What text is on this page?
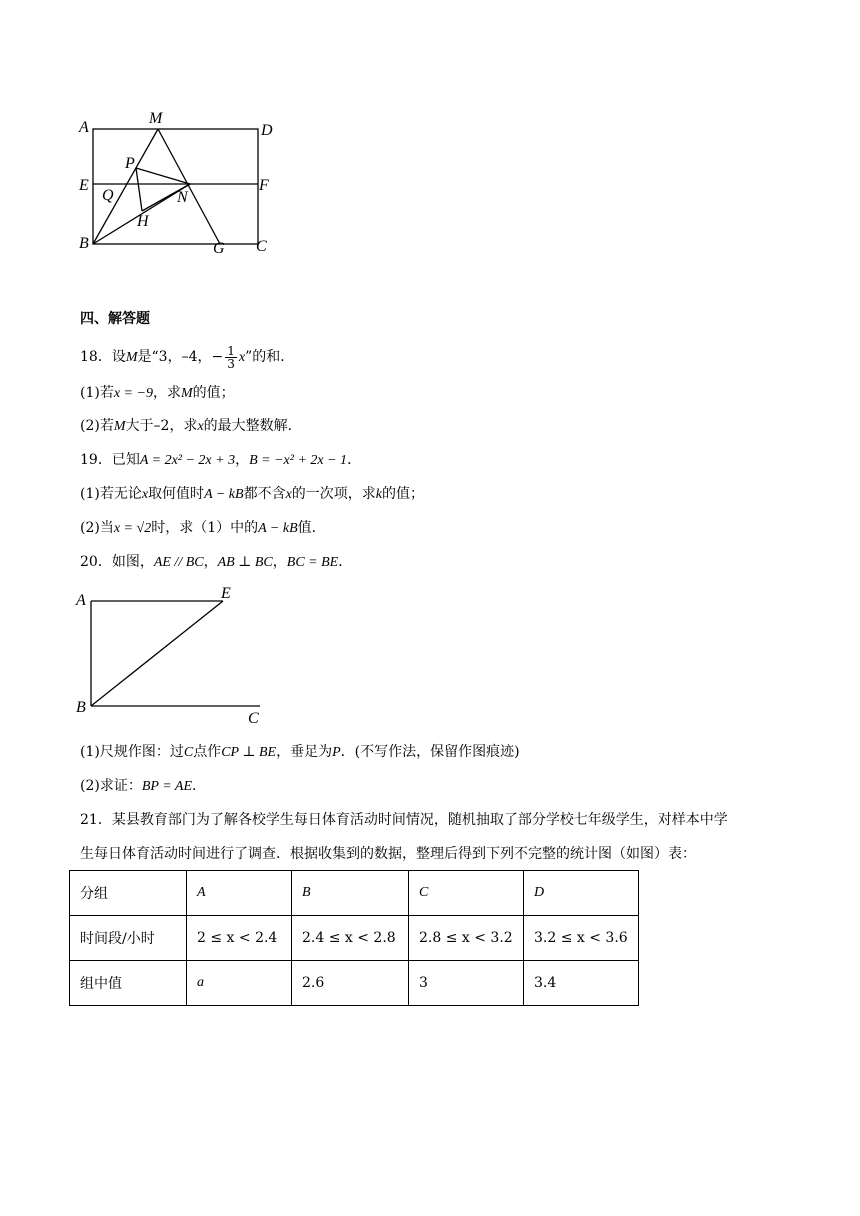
A
M
D
P
E	F
Q	N
H
B	G C
四、解答题
18．设M是“3，–4，− $\frac{1}{3} x$”的和．
(1)若x = −9，求M的值；
(2)若M大于–2，求x的最大整数解．
19．已知A = 2x² − 2x + 3，B = −x² + 2x − 1．
(1)若无论x取何值时A − kB都不含x的一次项，求k的值；
(2)当x = √2时，求（1）中的A − kB值．
20．如图，AE // BC，AB ⊥ BC，BC = BE．
A	E
B
C
(1)尺规作图：过C点作CP ⊥ BE，垂足为P．(不写作法，保留作图痕迹)
(2)求证：BP = AE．
21．某县教育部门为了解各校学生每日体育活动时间情况，随机抽取了部分学校七年级学生，对样本中学
生每日体育活动时间进行了调查．根据收集到的数据，整理后得到下列不完整的统计图（如图）表：
分组	A	B	C	D
时间段/小时	2 ≤ x < 2.4	2.4 ≤ x < 2.8	2.8 ≤ x < 3.2	3.2 ≤ x < 3.6
组中值	a	2.6	3	3.4
